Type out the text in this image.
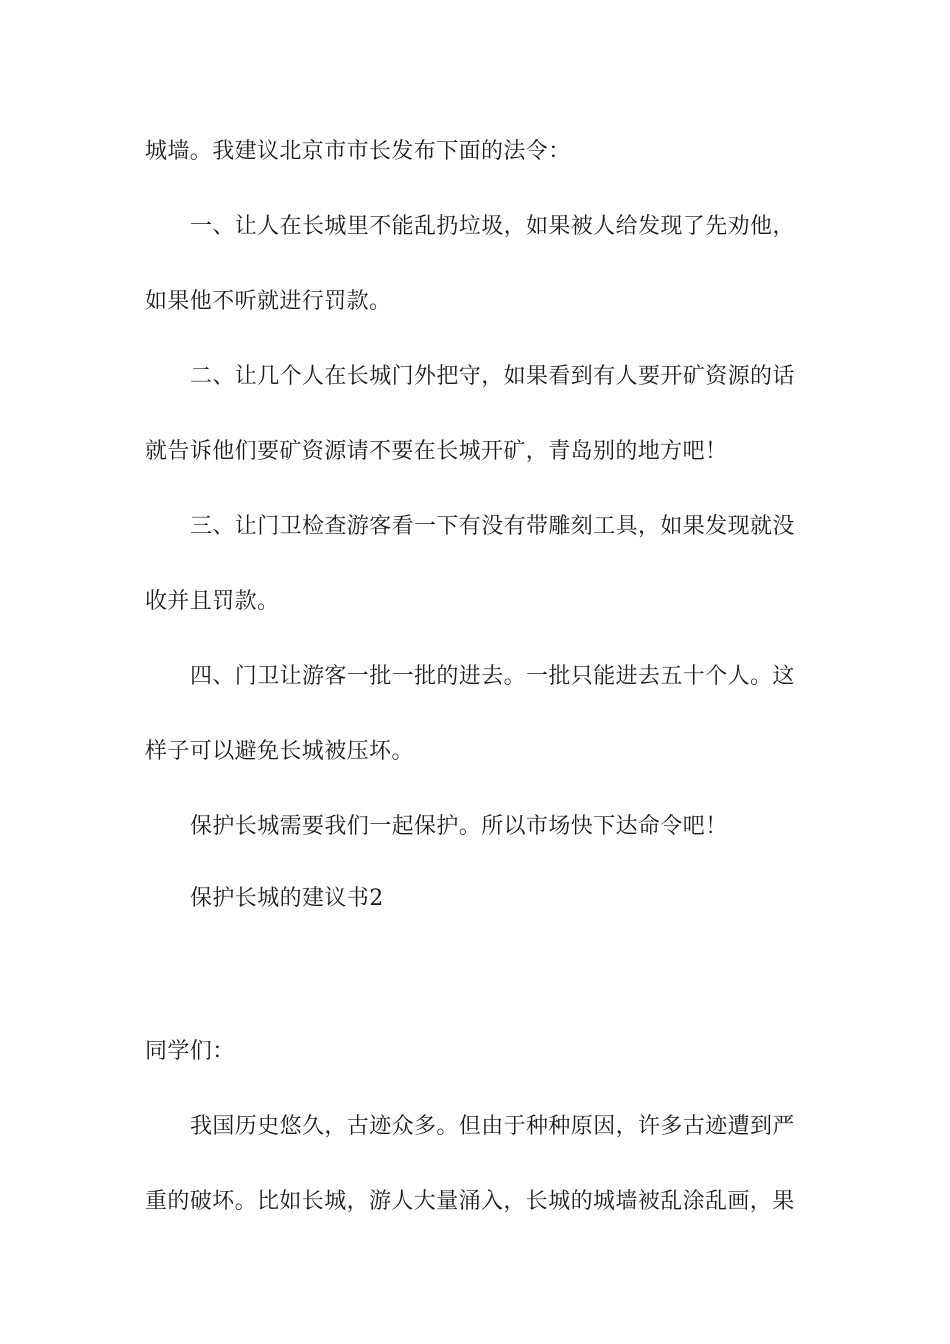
城墙。我建议北京市市长发布下面的法令：
一、让人在长城里不能乱扔垃圾，如果被人给发现了先劝他，
如果他不听就进行罚款。
二、让几个人在长城门外把守，如果看到有人要开矿资源的话
就告诉他们要矿资源请不要在长城开矿，青岛别的地方吧！
三、让门卫检查游客看一下有没有带雕刻工具，如果发现就没
收并且罚款。
四、门卫让游客一批一批的进去。一批只能进去五十个人。这
样子可以避免长城被压坏。
保护长城需要我们一起保护。所以市场快下达命令吧！
保护长城的建议书2
同学们：
我国历史悠久，古迹众多。但由于种种原因，许多古迹遭到严
重的破坏。比如长城，游人大量涌入，长城的城墙被乱涂乱画，果
